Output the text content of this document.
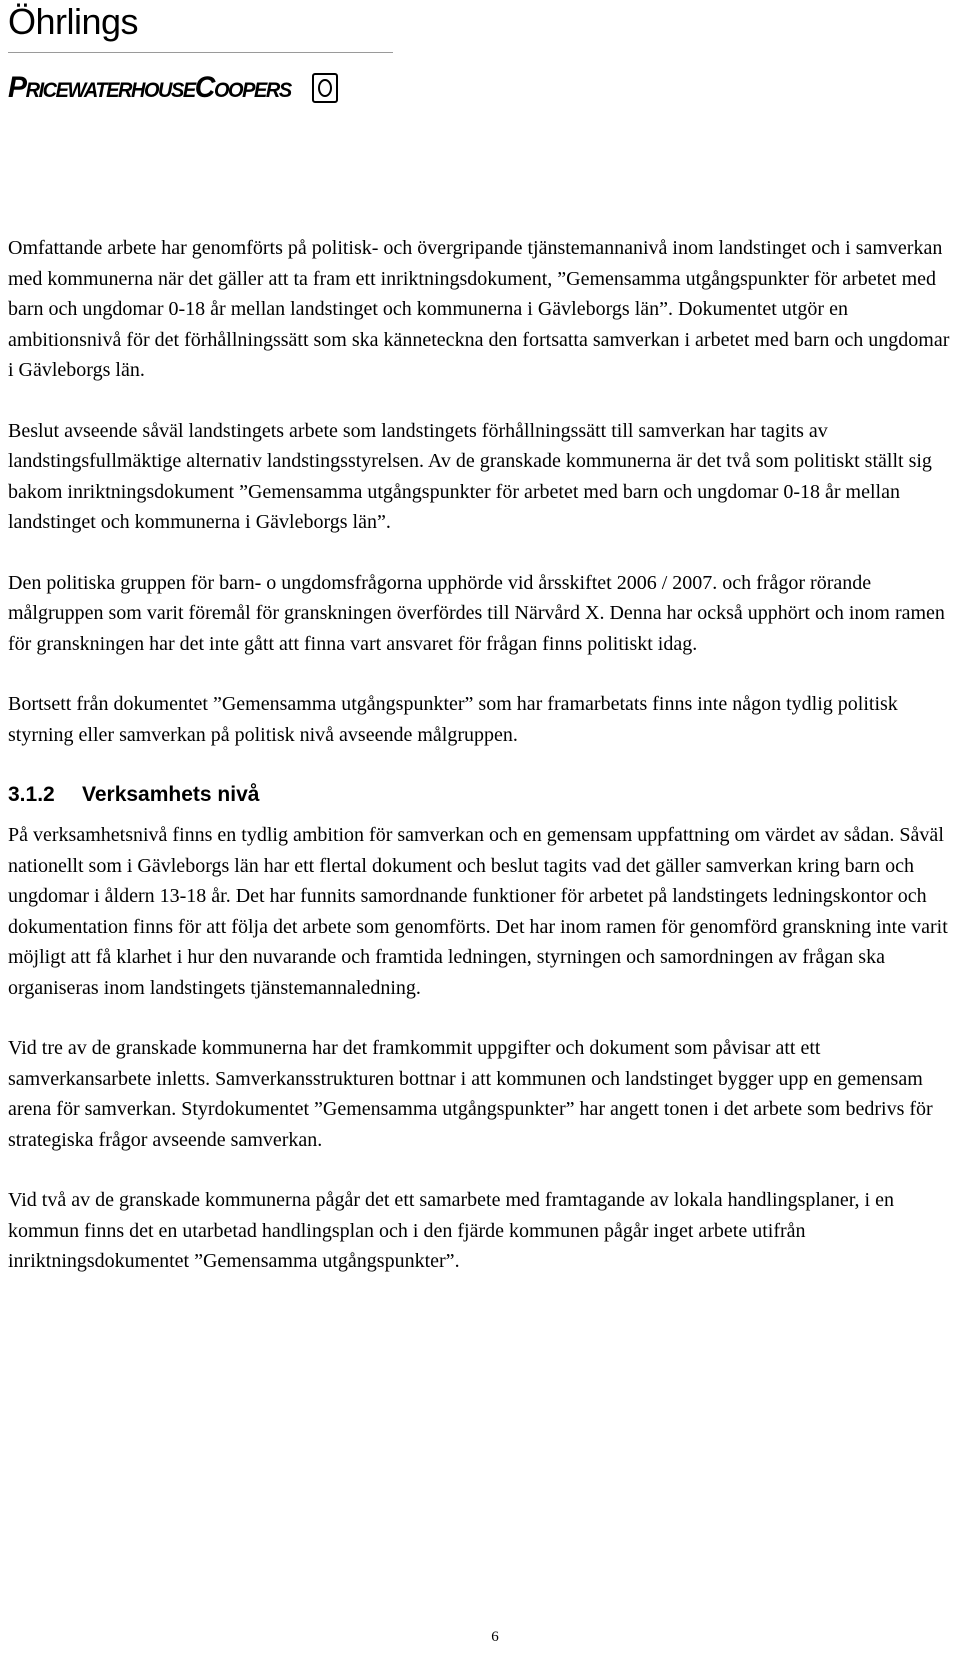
Öhrlings
PricewaterhouseCoopers

Omfattande arbete har genomförts på politisk- och övergripande tjänstemannanivå inom landstinget och i samverkan med kommunerna när det gäller att ta fram ett inriktningsdokument, ”Gemensamma utgångspunkter för arbetet med barn och ungdomar 0-18 år mellan landstinget och kommunerna i Gävleborgs län”. Dokumentet utgör en ambitionsnivå för det förhållningssätt som ska känneteckna den fortsatta samverkan i arbetet med barn och ungdomar i Gävleborgs län.

Beslut avseende såväl landstingets arbete som landstingets förhållningssätt till samverkan har tagits av landstingsfullmäktige alternativ landstingsstyrelsen. Av de granskade kommunerna är det två som politiskt ställt sig bakom inriktningsdokument ”Gemensamma utgångspunkter för arbetet med barn och ungdomar 0-18 år mellan landstinget och kommunerna i Gävleborgs län”.

Den politiska gruppen för barn- o ungdomsfrågorna upphörde vid årsskiftet 2006 / 2007. och frågor rörande målgruppen som varit föremål för granskningen överfördes till Närvård X. Denna har också upphört och inom ramen för granskningen har det inte gått att finna vart ansvaret för frågan finns politiskt idag.

Bortsett från dokumentet ”Gemensamma utgångspunkter” som har framarbetats finns inte någon tydlig politisk styrning eller samverkan på politisk nivå avseende målgruppen.

3.1.2	Verksamhets nivå

På verksamhetsnivå finns en tydlig ambition för samverkan och en gemensam uppfattning om värdet av sådan. Såväl nationellt som i Gävleborgs län har ett flertal dokument och beslut tagits vad det gäller samverkan kring barn och ungdomar i åldern 13-18 år. Det har funnits samordnande funktioner för arbetet på landstingets ledningskontor och dokumentation finns för att följa det arbete som genomförts. Det har inom ramen för genomförd granskning inte varit möjligt att få klarhet i hur den nuvarande och framtida ledningen, styrningen och samordningen av frågan ska organiseras inom landstingets tjänstemannaledning.

Vid tre av de granskade kommunerna har det framkommit uppgifter och dokument som påvisar att ett samverkansarbete inletts. Samverkansstrukturen bottnar i att kommunen och landstinget bygger upp en gemensam arena för samverkan. Styrdokumentet ”Gemensamma utgångspunkter” har angett tonen i det arbete som bedrivs för strategiska frågor avseende samverkan.

Vid två av de granskade kommunerna pågår det ett samarbete med framtagande av lokala handlingsplaner, i en kommun finns det en utarbetad handlingsplan och i den fjärde kommunen pågår inget arbete utifrån inriktningsdokumentet ”Gemensamma utgångspunkter”.

6
